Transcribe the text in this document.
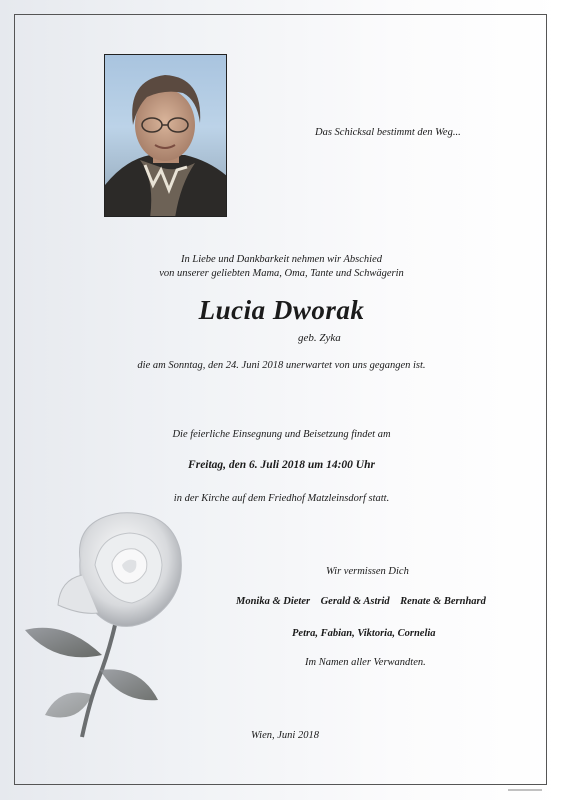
Das Schicksal bestimmt den Weg...
In Liebe und Dankbarkeit nehmen wir Abschied
von unserer geliebten Mama, Oma, Tante und Schwägerin
Lucia Dworak
geb. Zyka
die am Sonntag, den 24. Juni 2018 unerwartet von uns gegangen ist.
Die feierliche Einsegnung und Beisetzung findet am
Freitag, den 6. Juli 2018 um 14:00 Uhr
in der Kirche auf dem Friedhof Matzleinsdorf statt.
Wir vermissen Dich
Monika & Dieter    Gerald & Astrid    Renate & Bernhard
Petra, Fabian, Viktoria, Cornelia
Im Namen aller Verwandten.
Wien, Juni 2018
